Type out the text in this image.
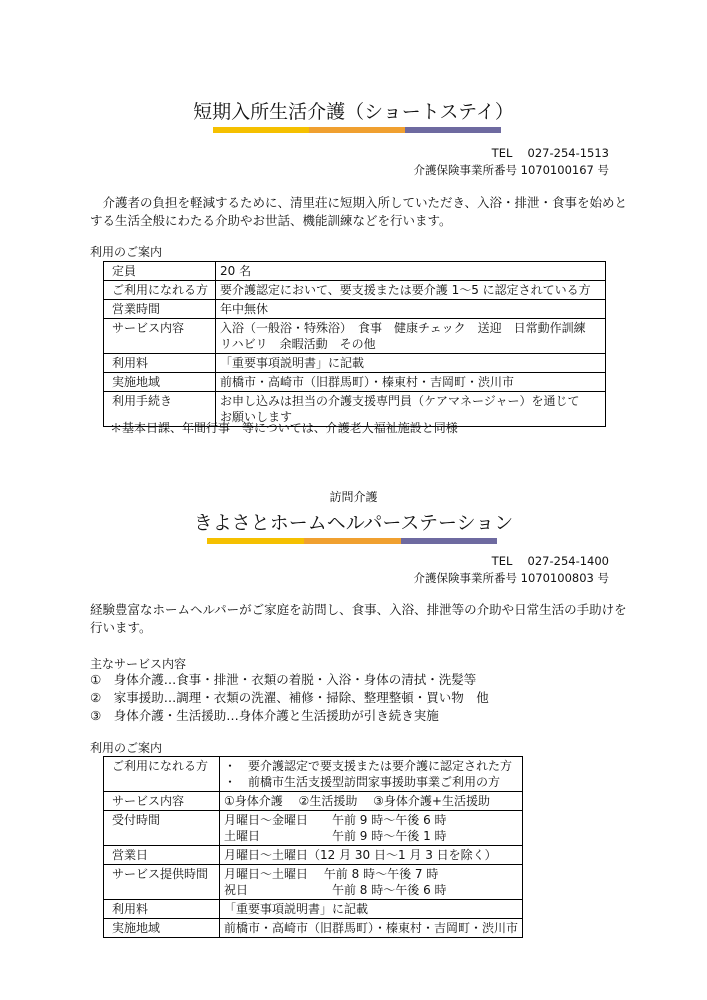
短期入所生活介護（ショートステイ）
TEL　 027-254-1513
介護保険事業所番号 1070100167 号
　介護者の負担を軽減するために、清里荘に短期入所していただき、入浴・排泄・食事を始めとする生活全般にわたる介助やお世話、機能訓練などを行います。
利用のご案内
定員	20 名

ご利用になれる方	要介護認定において、要支援または要介護 1～5 に認定されている方

営業時間	年中無休

サービス内容	入浴（一般浴・特殊浴）　食事　健康チェック　送迎　日常動作訓練
リハビリ　余暇活動　その他

利用料	「重要事項説明書」に記載

実施地域	前橋市・高崎市（旧群馬町）・榛東村・吉岡町・渋川市

利用手続き	お申し込みは担当の介護支援専門員（ケアマネージャー）を通じて
お願いします
＊基本日課、年間行事　等については、介護老人福祉施設と同様
訪問介護
きよさとホームヘルパーステーション
TEL　 027-254-1400
介護保険事業所番号 1070100803 号
経験豊富なホームヘルパーがご家庭を訪問し、食事、入浴、排泄等の介助や日常生活の手助けを行います。
主なサービス内容
①　身体介護…食事・排泄・衣類の着脱・入浴・身体の清拭・洗髪等
②　家事援助…調理・衣類の洗濯、補修・掃除、整理整頓・買い物　他
③　身体介護・生活援助…身体介護と生活援助が引き続き実施
利用のご案内
ご利用になれる方	・　要介護認定で要支援または要介護に認定された方
・　前橋市生活支援型訪問家事援助事業ご利用の方

サービス内容	①身体介護　 ②生活援助　 ③身体介護+生活援助

受付時間	月曜日～金曜日　　午前 9 時～午後 6 時
土曜日　　　　　　午前 9 時～午後 1 時

営業日	月曜日～土曜日（12 月 30 日～1 月 3 日を除く）

サービス提供時間	月曜日～土曜日　 午前 8 時～午後 7 時
祝日　　　　　　　午前 8 時～午後 6 時

利用料	「重要事項説明書」に記載

実施地域	前橋市・高崎市（旧群馬町）・榛東村・吉岡町・渋川市
